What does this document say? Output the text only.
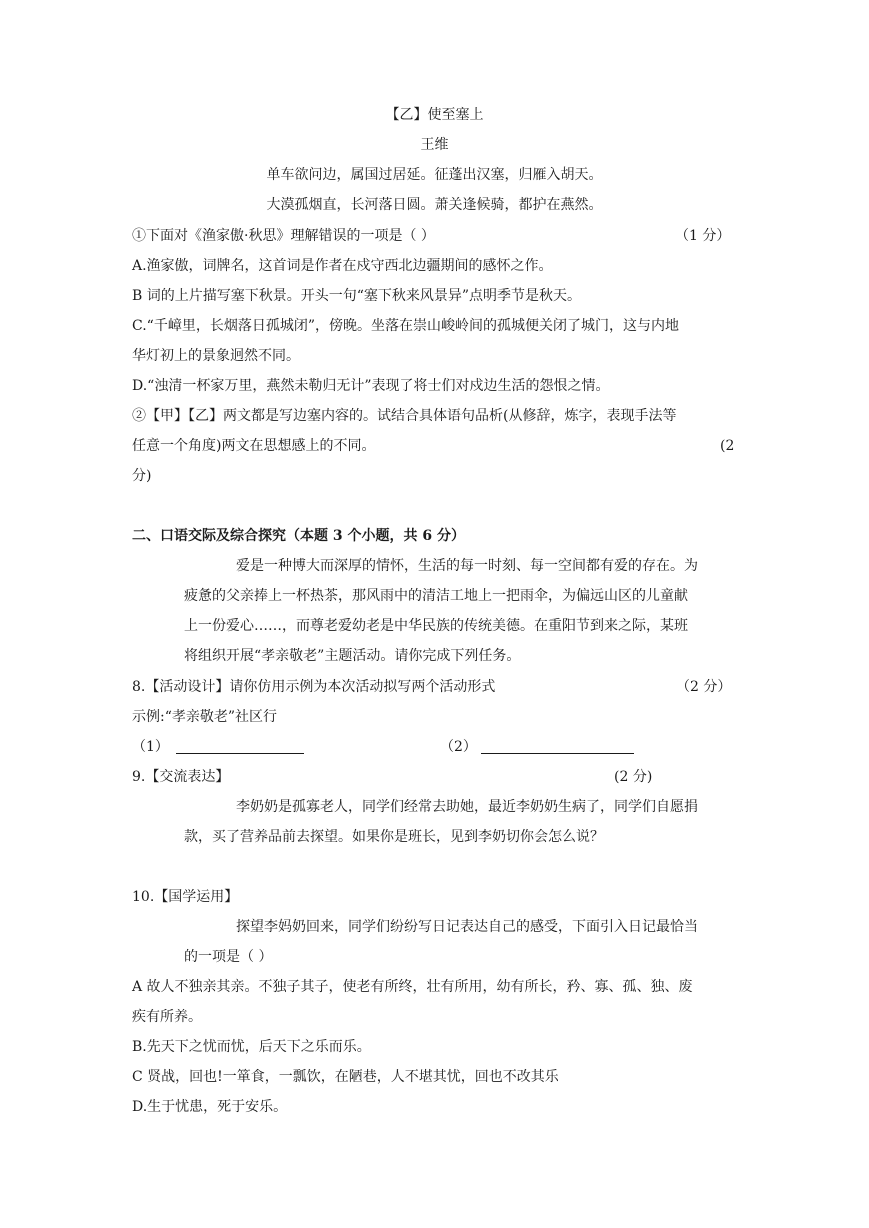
【乙】使至塞上
王维
单车欲问边，属国过居延。征蓬出汉塞，归雁入胡天。
大漠孤烟直，长河落日圆。萧关逢候骑，都护在燕然。
①下面对《渔家傲·秋思》理解错误的一项是（ ）	（1 分）
A.渔家傲，词牌名，这首词是作者在戍守西北边疆期间的感怀之作。
B 词的上片描写塞下秋景。开头一句“塞下秋来风景异”点明季节是秋天。
C.“千嶂里，长烟落日孤城闭”，傍晚。坐落在崇山峻岭间的孤城便关闭了城门，这与内地
华灯初上的景象迥然不同。
D.“浊清一杯家万里，燕然未勒归无计”表现了将士们对戍边生活的怨恨之情。
②【甲】【乙】两文都是写边塞内容的。试结合具体语句品析(从修辞，炼字，表现手法等
任意一个角度)两文在思想感上的不同。	(2
分)
二、口语交际及综合探究（本题 3 个小题，共 6 分）
爱是一种博大而深厚的情怀，生活的每一时刻、每一空间都有爱的存在。为
疲惫的父亲捧上一杯热茶，那风雨中的清洁工地上一把雨伞，为偏远山区的儿童献
上一份爱心……，而尊老爱幼老是中华民族的传统美德。在重阳节到来之际，某班
将组织开展“孝亲敬老”主题活动。请你完成下列任务。
8.【活动设计】请你仿用示例为本次活动拟写两个活动形式	（2 分）
示例:“孝亲敬老”社区行
（1）	（2）
9.【交流表达】	(2 分)
李奶奶是孤寡老人，同学们经常去助她，最近李奶奶生病了，同学们自愿捐
款，买了营养品前去探望。如果你是班长，见到李奶切你会怎么说？
10.【国学运用】
探望李妈奶回来，同学们纷纷写日记表达自己的感受，下面引入日记最恰当
的一项是（ ）
A 故人不独亲其亲。不独子其子，使老有所终，壮有所用，幼有所长，矜、寡、孤、独、废
疾有所养。
B.先天下之忧而忧，后天下之乐而乐。
C 贤战，回也!一箪食，一瓢饮，在陋巷，人不堪其忧，回也不改其乐
D.生于忧患，死于安乐。
